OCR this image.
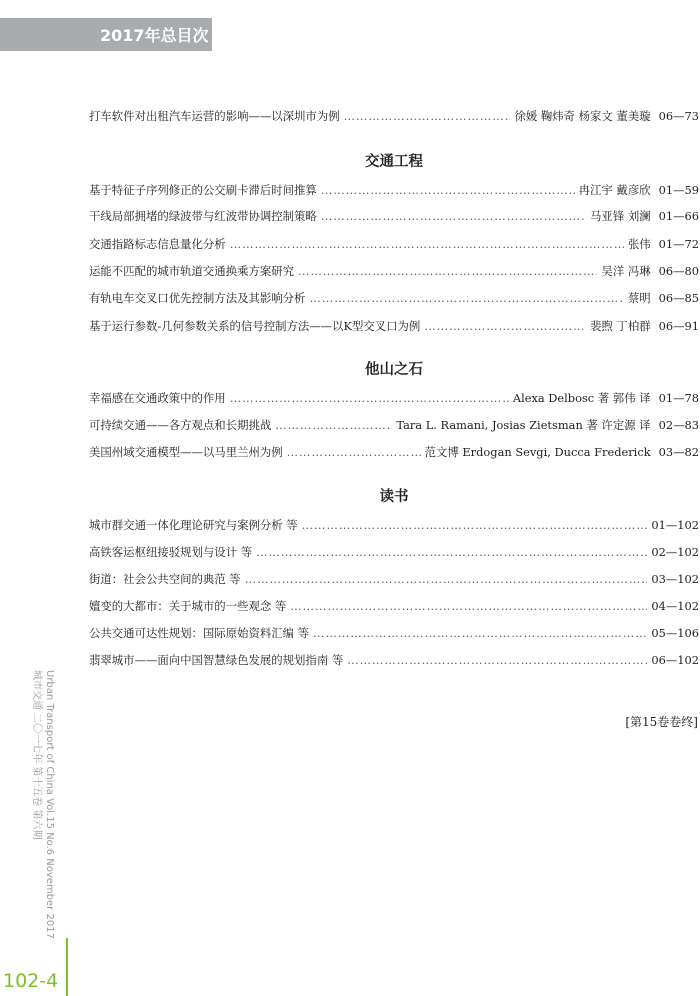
2017年总目次
打车软件对出租汽车运营的影响——以深圳市为例 ………………………………………………………………………………………………………………………………………………………………………………………………	徐媛 鞠炜奇 杨家文 董美璇 06—73
交通工程
基于特征子序列修正的公交刷卡滞后时间推算 ………………………………………………………………………………………………………………………………………………………………………………………………	冉江宇 戴彦欣 01—59
干线局部拥堵的绿波带与红波带协调控制策略 ………………………………………………………………………………………………………………………………………………………………………………………………	马亚锋 刘澜 01—66
交通指路标志信息量化分析 ………………………………………………………………………………………………………………………………………………………………………………………………	张伟 01—72
运能不匹配的城市轨道交通换乘方案研究 ………………………………………………………………………………………………………………………………………………………………………………………………	吴洋 冯琳 06—80
有轨电车交叉口优先控制方法及其影响分析 ………………………………………………………………………………………………………………………………………………………………………………………………	蔡明 06—85
基于运行参数-几何参数关系的信号控制方法——以K型交叉口为例 ………………………………………………………………………………………………………………………………………………………………………………………………	裴煦 丁柏群 06—91
他山之石
幸福感在交通政策中的作用 ………………………………………………………………………………………………………………………………………………………………………………………………	Alexa Delbosc 著 郭伟 译 01—78
可持续交通——各方观点和长期挑战 ………………………………………………………………………………………………………………………………………………………………………………………………	Tara L. Ramani, Josias Zietsman 著 许定源 译 02—83
美国州域交通模型——以马里兰州为例 ………………………………………………………………………………………………………………………………………………………………………………………………	范文博 Erdogan Sevgi, Ducca Frederick 03—82
读书
城市群交通一体化理论研究与案例分析 等 ………………………………………………………………………………………………………………………………………………………………………………………………	01—102
高铁客运枢纽接驳规划与设计 等 ………………………………………………………………………………………………………………………………………………………………………………………………	02—102
街道：社会公共空间的典范 等 ………………………………………………………………………………………………………………………………………………………………………………………………	03—102
嬗变的大都市：关于城市的一些观念 等 ………………………………………………………………………………………………………………………………………………………………………………………………	04—102
公共交通可达性规划：国际原始资料汇编 等 ………………………………………………………………………………………………………………………………………………………………………………………………	05—106
翡翠城市——面向中国智慧绿色发展的规划指南 等 ………………………………………………………………………………………………………………………………………………………………………………………………	06—102
[第15卷卷终]
Urban Transport of China Vol.15 No.6 November 2017
城市交通 二〇一七年 第十五卷 第六期
102-4
